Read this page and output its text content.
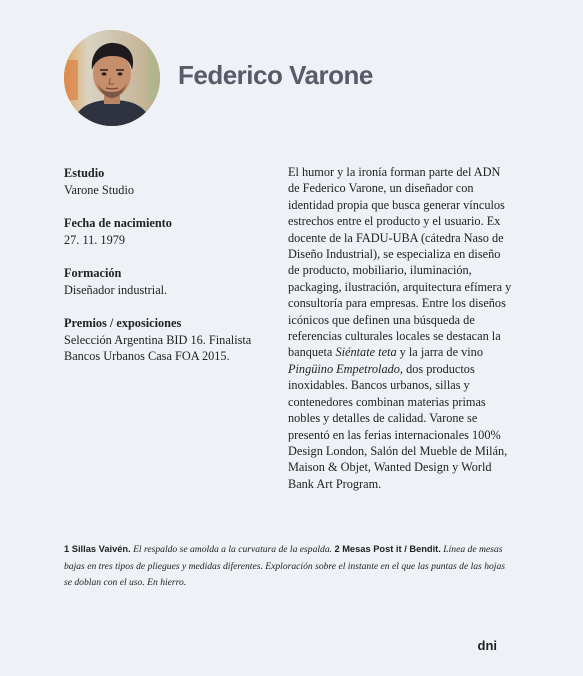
Federico Varone
Estudio
Varone Studio
Fecha de nacimiento
27. 11. 1979
Formación
Diseñador industrial.
Premios / exposiciones
Selección Argentina BID 16. Finalista Bancos Urbanos Casa FOA 2015.

El humor y la ironía forman parte del ADN de Federico Varone, un diseñador con identidad propia que busca generar vínculos estrechos entre el producto y el usuario. Ex docente de la FADU-UBA (cátedra Naso de Diseño Industrial), se especializa en diseño de producto, mobiliario, iluminación, packaging, ilustración, arquitectura efímera y consultoría para empresas. Entre los diseños icónicos que definen una búsqueda de referencias culturales locales se destacan la banqueta Siéntate teta y la jarra de vino Pingüino Empetrolado, dos productos inoxidables. Bancos urbanos, sillas y contenedores combinan materias primas nobles y detalles de calidad. Varone se presentó en las ferias internacionales 100% Design London, Salón del Mueble de Milán, Maison & Objet, Wanted Design y World Bank Art Program.

1 Sillas Vaivén. El respaldo se amolda a la curvatura de la espalda. 2 Mesas Post it / Bendit. Línea de mesas bajas en tres tipos de pliegues y medidas diferentes. Exploración sobre el instante en el que las puntas de las hojas se doblan con el uso. En hierro.

dni
